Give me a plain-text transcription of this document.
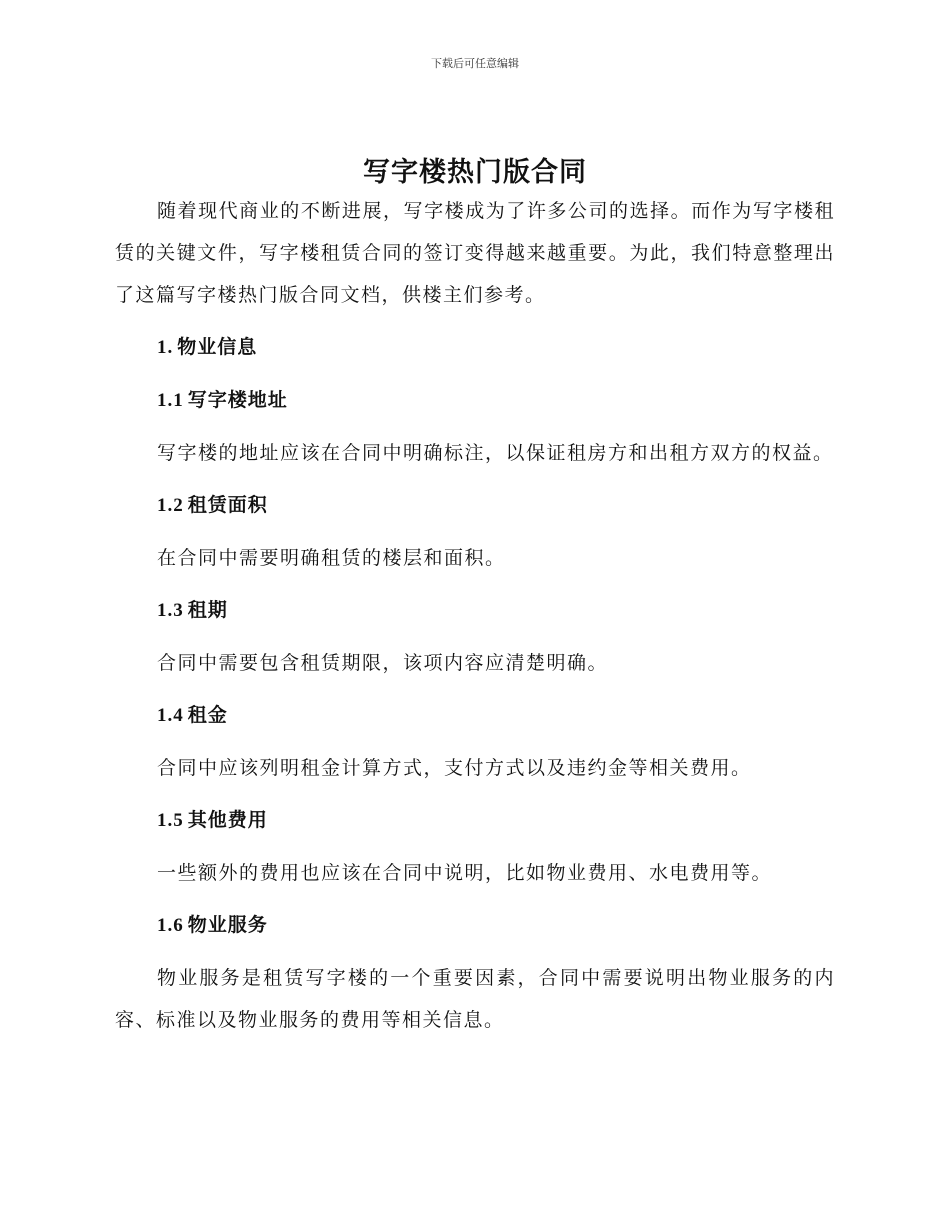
下载后可任意编辑
写字楼热门版合同

随着现代商业的不断进展，写字楼成为了许多公司的选择。而作为写字楼租赁的关键文件，写字楼租赁合同的签订变得越来越重要。为此，我们特意整理出了这篇写字楼热门版合同文档，供楼主们参考。

1. 物业信息
1.1 写字楼地址

写字楼的地址应该在合同中明确标注，以保证租房方和出租方双方的权益。

1.2 租赁面积

在合同中需要明确租赁的楼层和面积。

1.3 租期

合同中需要包含租赁期限，该项内容应清楚明确。

1.4 租金

合同中应该列明租金计算方式，支付方式以及违约金等相关费用。

1.5 其他费用

一些额外的费用也应该在合同中说明，比如物业费用、水电费用等。

1.6 物业服务

物业服务是租赁写字楼的一个重要因素，合同中需要说明出物业服务的内容、标准以及物业服务的费用等相关信息。
